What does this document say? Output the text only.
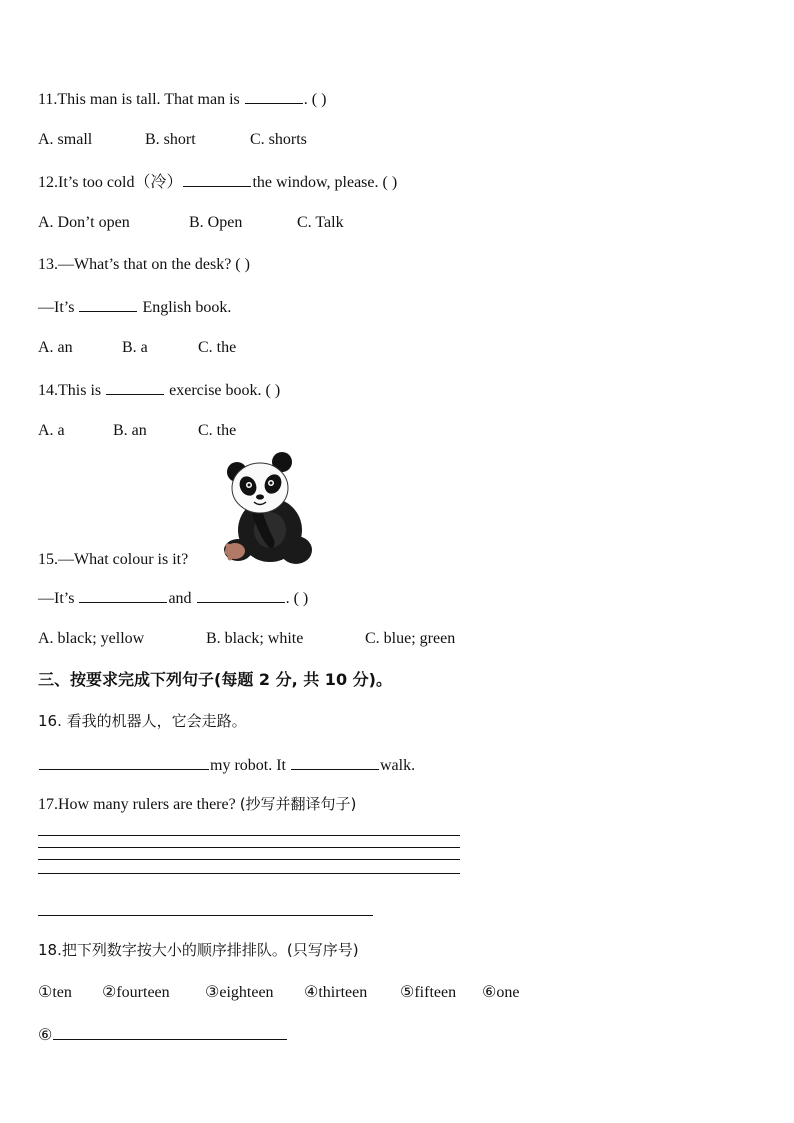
11.This man is tall. That man is	. ( )
A. small	B. short	C. shorts
12.It’s too cold（冷）	the window, please. ( )
A. Don’t open	B. Open	C. Talk
13.—What’s that on the desk? ( )
—It’s	English book.
A. an	B. a	C. the
14.This is	exercise book. ( )
A. a	B. an	C. the
15.—What colour is it?
—It’s	and	. ( )
A. black; yellow	B. black; white	C. blue; green
三、按要求完成下列句子(每题 2 分, 共 10 分)。
16. 看我的机器人，它会走路。
my robot. It	walk.
17.How many rulers are there? (抄写并翻译句子)
18.把下列数字按大小的顺序排排队。(只写序号)
①ten ②fourteen ③eighteen ④thirteen ⑤fifteen ⑥one
⑥
